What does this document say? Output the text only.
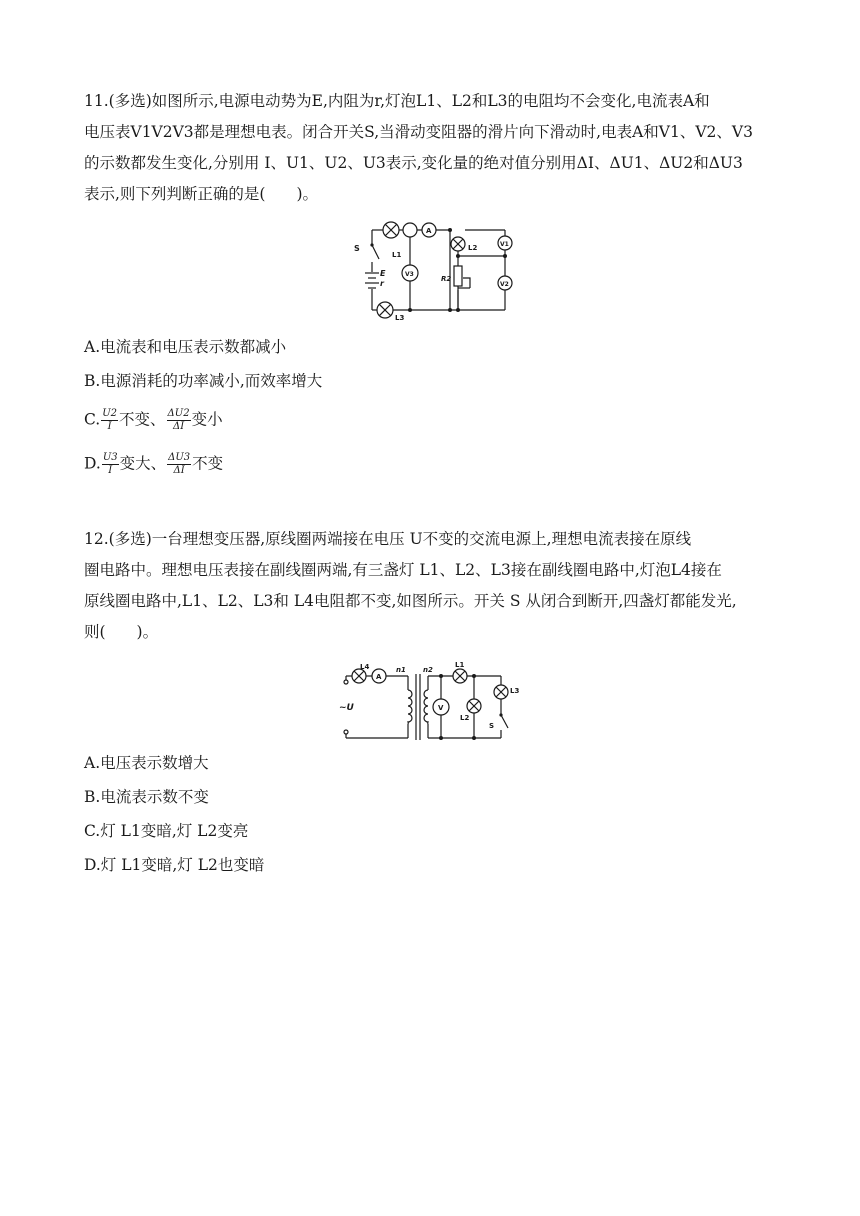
11.(多选)如图所示,电源电动势为E,内阻为r,灯泡L1、L2和L3的电阻均不会变化,电流表A和

电压表V1V2V3都是理想电表。闭合开关S,当滑动变阻器的滑片向下滑动时,电表A和V1、V2、V3

的示数都发生变化,分别用 I、U1、U2、U3表示,变化量的绝对值分别用ΔI、ΔU1、ΔU2和ΔU3

表示,则下列判断正确的是(　　)。

S
E
r
L1
L2
L3
R2
V3
V1
V2
A
A.电流表和电压表示数都减小
B.电源消耗的功率减小,而效率增大
C. $\frac{U2}{I}$ 不变、 $\frac{\Delta U2}{\Delta I}$ 变小
D. $\frac{U3}{I}$ 变大、 $\frac{\Delta U3}{\Delta I}$ 不变

12.(多选)一台理想变压器,原线圈两端接在电压 U不变的交流电源上,理想电流表接在原线

圈电路中。理想电压表接在副线圈两端,有三盏灯 L1、L2、L3接在副线圈电路中,灯泡L4接在

原线圈电路中,L1、L2、L3和 L4电阻都不变,如图所示。开关 S 从闭合到断开,四盏灯都能发光,

则(　　)。

L4
A
n1 n2
L1
V
L2
L3
~U
S
A.电压表示数增大
B.电流表示数不变
C.灯 L1变暗,灯 L2变亮
D.灯 L1变暗,灯 L2也变暗
